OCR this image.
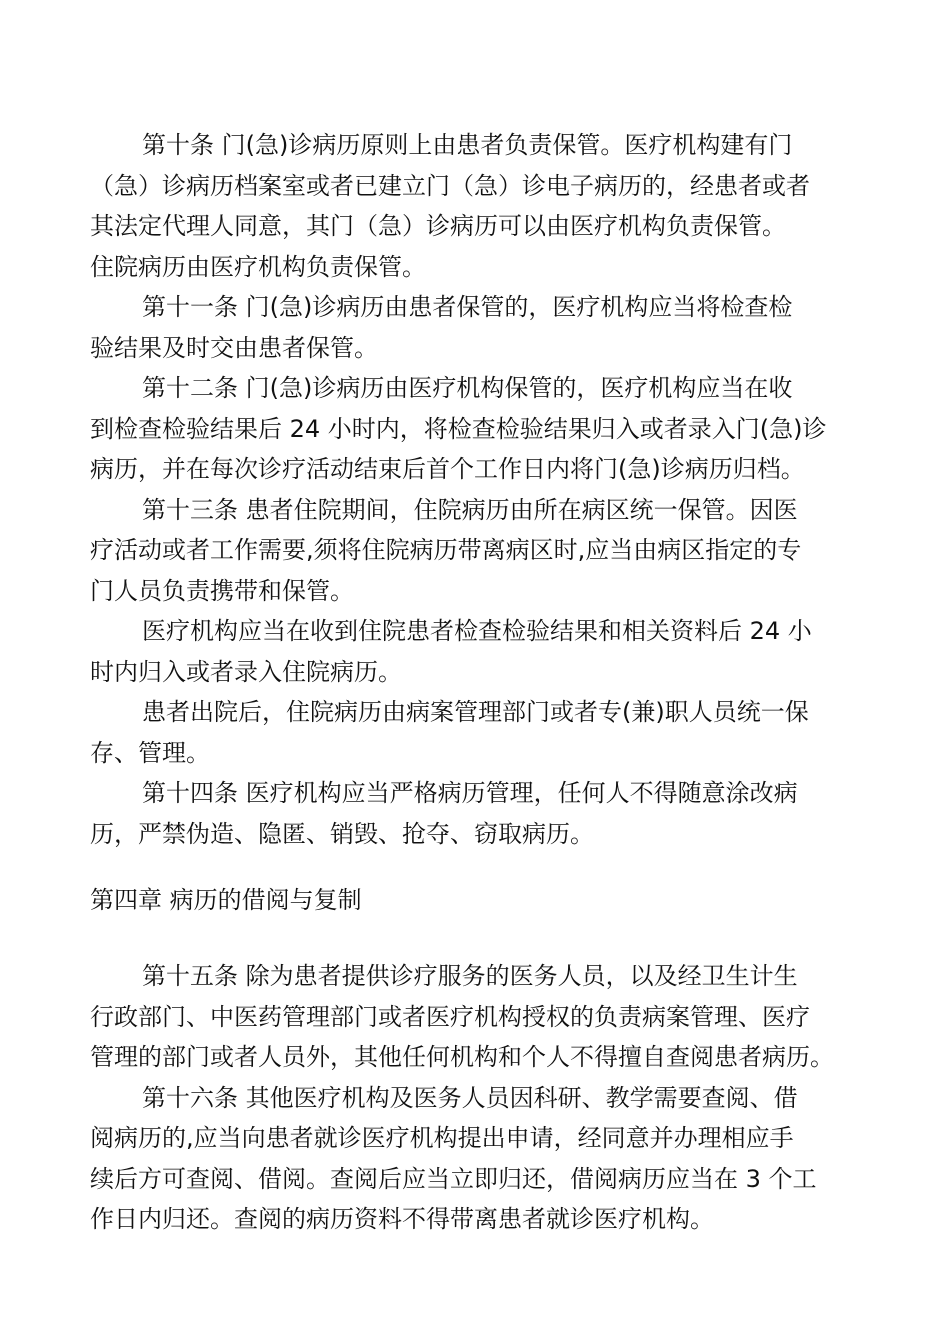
第十条 门(急)诊病历原则上由患者负责保管。医疗机构建有门
（急）诊病历档案室或者已建立门（急）诊电子病历的，经患者或者
其法定代理人同意，其门（急）诊病历可以由医疗机构负责保管。
住院病历由医疗机构负责保管。
第十一条 门(急)诊病历由患者保管的，医疗机构应当将检查检
验结果及时交由患者保管。
第十二条 门(急)诊病历由医疗机构保管的，医疗机构应当在收
到检查检验结果后 24 小时内，将检查检验结果归入或者录入门(急)诊
病历，并在每次诊疗活动结束后首个工作日内将门(急)诊病历归档。
第十三条 患者住院期间，住院病历由所在病区统一保管。因医
疗活动或者工作需要,须将住院病历带离病区时,应当由病区指定的专
门人员负责携带和保管。
医疗机构应当在收到住院患者检查检验结果和相关资料后 24 小
时内归入或者录入住院病历。
患者出院后，住院病历由病案管理部门或者专(兼)职人员统一保
存、管理。
第十四条 医疗机构应当严格病历管理，任何人不得随意涂改病
历，严禁伪造、隐匿、销毁、抢夺、窃取病历。
第四章 病历的借阅与复制
第十五条 除为患者提供诊疗服务的医务人员，以及经卫生计生
行政部门、中医药管理部门或者医疗机构授权的负责病案管理、医疗
管理的部门或者人员外，其他任何机构和个人不得擅自查阅患者病历。
第十六条 其他医疗机构及医务人员因科研、教学需要查阅、借
阅病历的,应当向患者就诊医疗机构提出申请，经同意并办理相应手
续后方可查阅、借阅。查阅后应当立即归还，借阅病历应当在 3 个工
作日内归还。查阅的病历资料不得带离患者就诊医疗机构。
